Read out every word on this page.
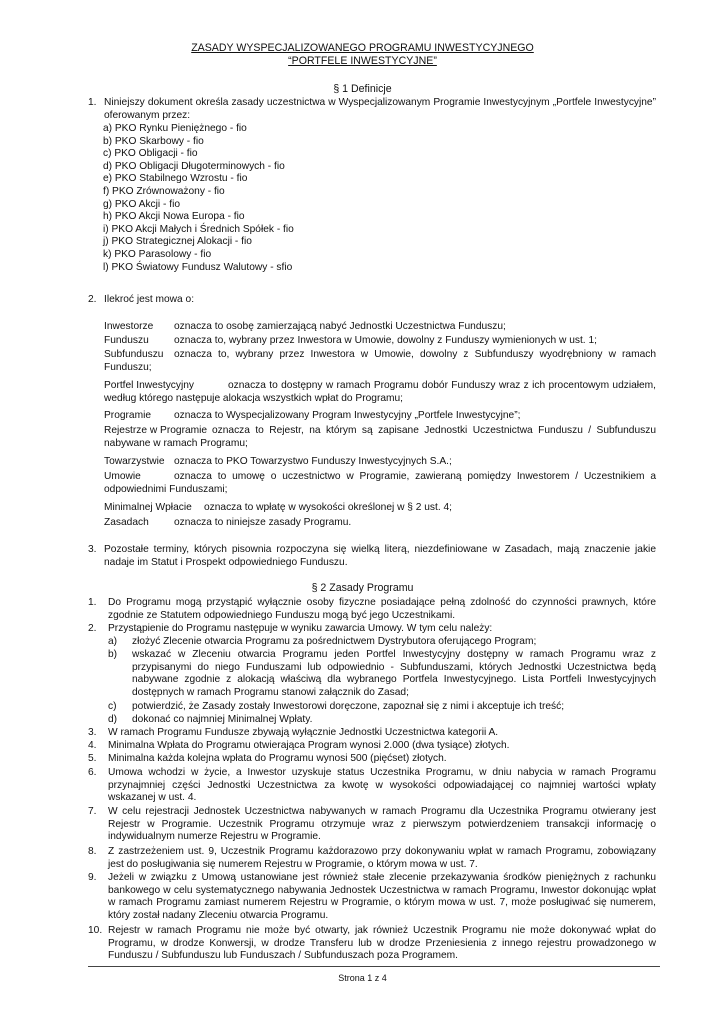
ZASADY WYSPECJALIZOWANEGO PROGRAMU INWESTYCYJNEGO
“PORTFELE INWESTYCYJNE”
§ 1 Definicje
1. Niniejszy dokument określa zasady uczestnictwa w Wyspecjalizowanym Programie Inwestycyjnym „Portfele Inwestycyjne” oferowanym przez:
a) PKO Rynku Pieniężnego - fio
b) PKO Skarbowy - fio
c) PKO Obligacji - fio
d) PKO Obligacji Długoterminowych - fio
e) PKO Stabilnego Wzrostu - fio
f) PKO Zrównoważony - fio
g) PKO Akcji - fio
h) PKO Akcji Nowa Europa - fio
i) PKO Akcji Małych i Średnich Spółek - fio
j) PKO Strategicznej Alokacji - fio
k) PKO Parasolowy - fio
l) PKO Światowy Fundusz Walutowy - sfio
2. Ilekroć jest mowa o:
Inwestorze oznacza to osobę zamierzającą nabyć Jednostki Uczestnictwa Funduszu;
Funduszu oznacza to, wybrany przez Inwestora w Umowie, dowolny z Funduszy wymienionych w ust. 1;
Subfunduszu oznacza to, wybrany przez Inwestora w Umowie, dowolny z Subfunduszy wyodrębniony w ramach Funduszu;
Portfel Inwestycyjny	oznacza to dostępny w ramach Programu dobór Funduszy wraz z ich procentowym udziałem, według którego następuje alokacja wszystkich wpłat do Programu;
Programie oznacza to Wyspecjalizowany Program Inwestycyjny „Portfele Inwestycyjne”;
Rejestrze w Programie oznacza to Rejestr, na którym są zapisane Jednostki Uczestnictwa Funduszu / Subfunduszu nabywane w ramach Programu;
Towarzystwie oznacza to PKO Towarzystwo Funduszy Inwestycyjnych S.A.;
Umowie	oznacza to umowę o uczestnictwo w Programie, zawieraną pomiędzy Inwestorem / Uczestnikiem a odpowiednimi Funduszami;
Minimalnej Wpłacie oznacza to wpłatę w wysokości określonej w § 2 ust. 4;
Zasadach oznacza to niniejsze zasady Programu.
3. Pozostałe terminy, których pisownia rozpoczyna się wielką literą, niezdefiniowane w Zasadach, mają znaczenie jakie nadaje im Statut i Prospekt odpowiedniego Funduszu.
§ 2 Zasady Programu
1. Do Programu mogą przystąpić wyłącznie osoby fizyczne posiadające pełną zdolność do czynności prawnych, które zgodnie ze Statutem odpowiedniego Funduszu mogą być jego Uczestnikami.
2. Przystąpienie do Programu następuje w wyniku zawarcia Umowy. W tym celu należy:
a) złożyć Zlecenie otwarcia Programu za pośrednictwem Dystrybutora oferującego Program;
b) wskazać w Zleceniu otwarcia Programu jeden Portfel Inwestycyjny dostępny w ramach Programu wraz z przypisanymi do niego Funduszami lub odpowiednio - Subfunduszami, których Jednostki Uczestnictwa będą nabywane zgodnie z alokacją właściwą dla wybranego Portfela Inwestycyjnego. Lista Portfeli Inwestycyjnych dostępnych w ramach Programu stanowi załącznik do Zasad;
c) potwierdzić, że Zasady zostały Inwestorowi doręczone, zapoznał się z nimi i akceptuje ich treść;
d) dokonać co najmniej Minimalnej Wpłaty.
3. W ramach Programu Fundusze zbywają wyłącznie Jednostki Uczestnictwa kategorii A.
4. Minimalna Wpłata do Programu otwierająca Program wynosi 2.000 (dwa tysiące) złotych.
5. Minimalna każda kolejna wpłata do Programu wynosi 500 (pięćset) złotych.
6. Umowa wchodzi w życie, a Inwestor uzyskuje status Uczestnika Programu, w dniu nabycia w ramach Programu przynajmniej części Jednostki Uczestnictwa za kwotę w wysokości odpowiadającej co najmniej wartości wpłaty wskazanej w ust. 4.
7. W celu rejestracji Jednostek Uczestnictwa nabywanych w ramach Programu dla Uczestnika Programu otwierany jest Rejestr w Programie. Uczestnik Programu otrzymuje wraz z pierwszym potwierdzeniem transakcji informację o indywidualnym numerze Rejestru w Programie.
8. Z zastrzeżeniem ust. 9, Uczestnik Programu każdorazowo przy dokonywaniu wpłat w ramach Programu, zobowiązany jest do posługiwania się numerem Rejestru w Programie, o którym mowa w ust. 7.
9. Jeżeli w związku z Umową ustanowiane jest również stałe zlecenie przekazywania środków pieniężnych z rachunku bankowego w celu systematycznego nabywania Jednostek Uczestnictwa w ramach Programu, Inwestor dokonując wpłat w ramach Programu zamiast numerem Rejestru w Programie, o którym mowa w ust. 7, może posługiwać się numerem, który został nadany Zleceniu otwarcia Programu.
10. Rejestr w ramach Programu nie może być otwarty, jak również Uczestnik Programu nie może dokonywać wpłat do Programu, w drodze Konwersji, w drodze Transferu lub w drodze Przeniesienia z innego rejestru prowadzonego w Funduszu / Subfunduszu lub Funduszach / Subfunduszach poza Programem.
Strona 1 z 4
